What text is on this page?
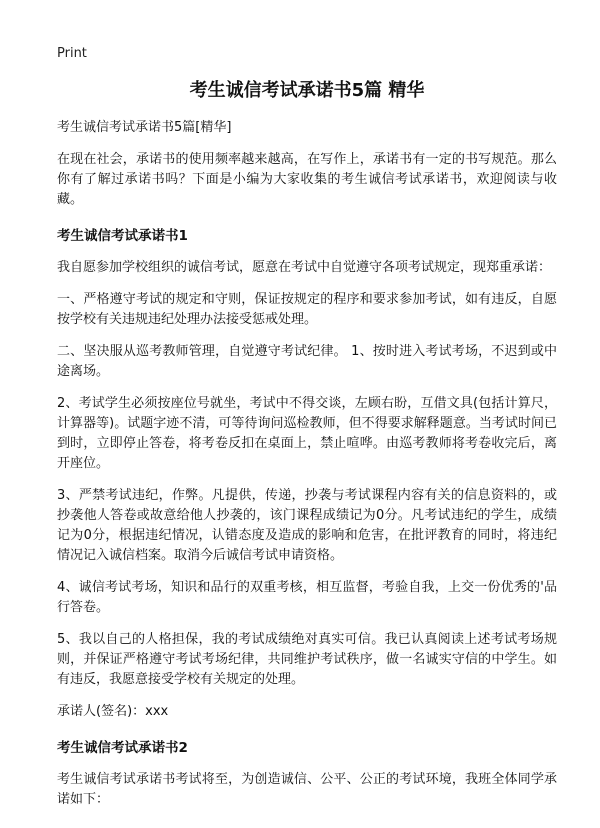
Print
考生诚信考试承诺书5篇 精华
考生诚信考试承诺书5篇[精华]

在现在社会，承诺书的使用频率越来越高，在写作上，承诺书有一定的书写规范。那么你有了解过承诺书吗？下面是小编为大家收集的考生诚信考试承诺书，欢迎阅读与收藏。

考生诚信考试承诺书1

我自愿参加学校组织的诚信考试，愿意在考试中自觉遵守各项考试规定，现郑重承诺：

一、严格遵守考试的规定和守则，保证按规定的程序和要求参加考试，如有违反，自愿按学校有关违规违纪处理办法接受惩戒处理。

二、坚决服从巡考教师管理，自觉遵守考试纪律。 1、按时进入考试考场，不迟到或中途离场。

2、考试学生必须按座位号就坐，考试中不得交谈，左顾右盼，互借文具(包括计算尺，计算器等)。试题字迹不清，可等待询问巡检教师，但不得要求解释题意。当考试时间已到时，立即停止答卷，将考卷反扣在桌面上，禁止喧哗。由巡考教师将考卷收完后，离开座位。

3、严禁考试违纪，作弊。凡提供，传递，抄袭与考试课程内容有关的信息资料的，或抄袭他人答卷或故意给他人抄袭的，该门课程成绩记为0分。凡考试违纪的学生，成绩记为0分，根据违纪情况，认错态度及造成的影响和危害，在批评教育的同时，将违纪情况记入诚信档案。取消今后诚信考试申请资格。

4、诚信考试考场，知识和品行的双重考核，相互监督，考验自我，上交一份优秀的'品行答卷。

5、我以自己的人格担保，我的考试成绩绝对真实可信。我已认真阅读上述考试考场规则，并保证严格遵守考试考场纪律，共同维护考试秩序，做一名诚实守信的中学生。如有违反，我愿意接受学校有关规定的处理。

承诺人(签名)：xxx

考生诚信考试承诺书2

考生诚信考试承诺书考试将至，为创造诚信、公平、公正的考试环境，我班全体同学承诺如下：
